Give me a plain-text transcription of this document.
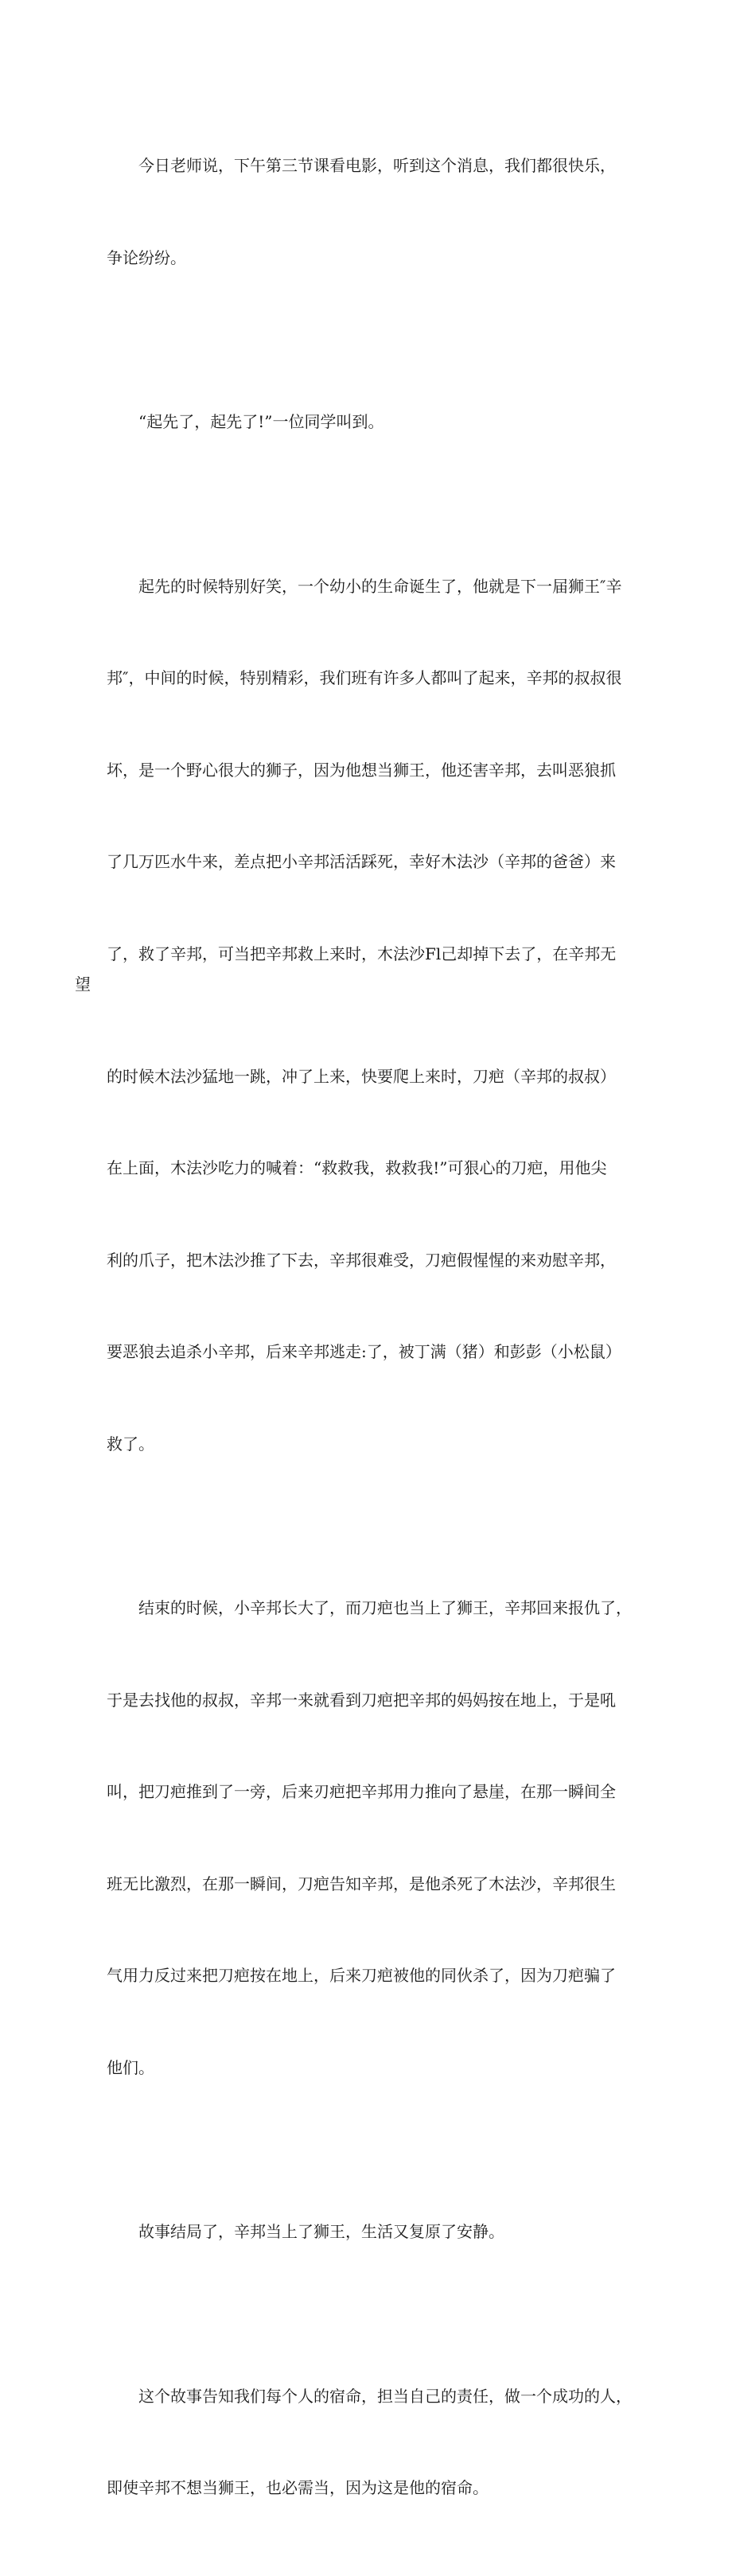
今日老师说，下午第三节课看电影，听到这个消息，我们都很快乐，

争论纷纷。

“起先了，起先了!”一位同学叫到。

起先的时候特别好笑，一个幼小的生命诞生了，他就是下一届狮王″辛

邦″，中间的时候，特别精彩，我们班有许多人都叫了起来，辛邦的叔叔很

坏，是一个野心很大的狮子，因为他想当狮王，他还害辛邦，去叫恶狼抓

了几万匹水牛来，差点把小辛邦活活踩死，幸好木法沙（辛邦的爸爸）来

了，救了辛邦，可当把辛邦救上来时，木法沙Fl己却掉下去了，在辛邦无望

的时候木法沙猛地一跳，冲了上来，快要爬上来时，刀疤（辛邦的叔叔）

在上面，木法沙吃力的喊着：“救救我，救救我!”可狠心的刀疤，用他尖

利的爪子，把木法沙推了下去，辛邦很难受，刀疤假惺惺的来劝慰辛邦，

要恶狼去追杀小辛邦，后来辛邦逃走:了，被丁满（猪）和彭彭（小松鼠）

救了。

结束的时候，小辛邦长大了，而刀疤也当上了狮王，辛邦回来报仇了，

于是去找他的叔叔，辛邦一来就看到刀疤把辛邦的妈妈按在地上，于是吼

叫，把刀疤推到了一旁，后来刃疤把辛邦用力推向了悬崖，在那一瞬间全

班无比激烈，在那一瞬间，刀疤告知辛邦，是他杀死了木法沙，辛邦很生

气用力反过来把刀疤按在地上，后来刀疤被他的同伙杀了，因为刀疤骗了

他们。

故事结局了，辛邦当上了狮王，生活又复原了安静。

这个故事告知我们每个人的宿命，担当自己的责任，做一个成功的人，

即使辛邦不想当狮王，也必需当，因为这是他的宿命。
